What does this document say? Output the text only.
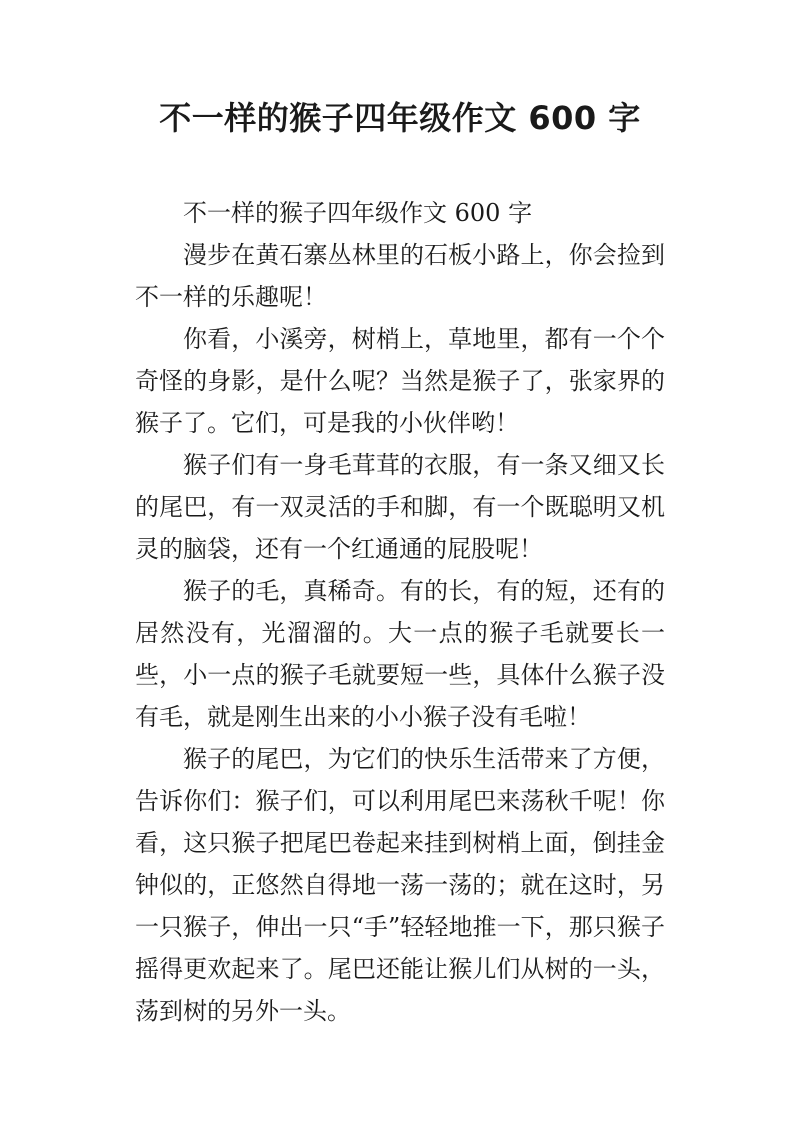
不一样的猴子四年级作文 600 字

不一样的猴子四年级作文 600 字

漫步在黄石寨丛林里的石板小路上，你会捡到不一样的乐趣呢！

你看，小溪旁，树梢上，草地里，都有一个个奇怪的身影，是什么呢？当然是猴子了，张家界的猴子了。它们，可是我的小伙伴哟！

猴子们有一身毛茸茸的衣服，有一条又细又长的尾巴，有一双灵活的手和脚，有一个既聪明又机灵的脑袋，还有一个红通通的屁股呢！

猴子的毛，真稀奇。有的长，有的短，还有的居然没有，光溜溜的。大一点的猴子毛就要长一些，小一点的猴子毛就要短一些，具体什么猴子没有毛，就是刚生出来的小小猴子没有毛啦！

猴子的尾巴，为它们的快乐生活带来了方便，告诉你们：猴子们，可以利用尾巴来荡秋千呢！你看，这只猴子把尾巴卷起来挂到树梢上面，倒挂金钟似的，正悠然自得地一荡一荡的；就在这时，另一只猴子，伸出一只“手”轻轻地推一下，那只猴子摇得更欢起来了。尾巴还能让猴儿们从树的一头，荡到树的另外一头。
